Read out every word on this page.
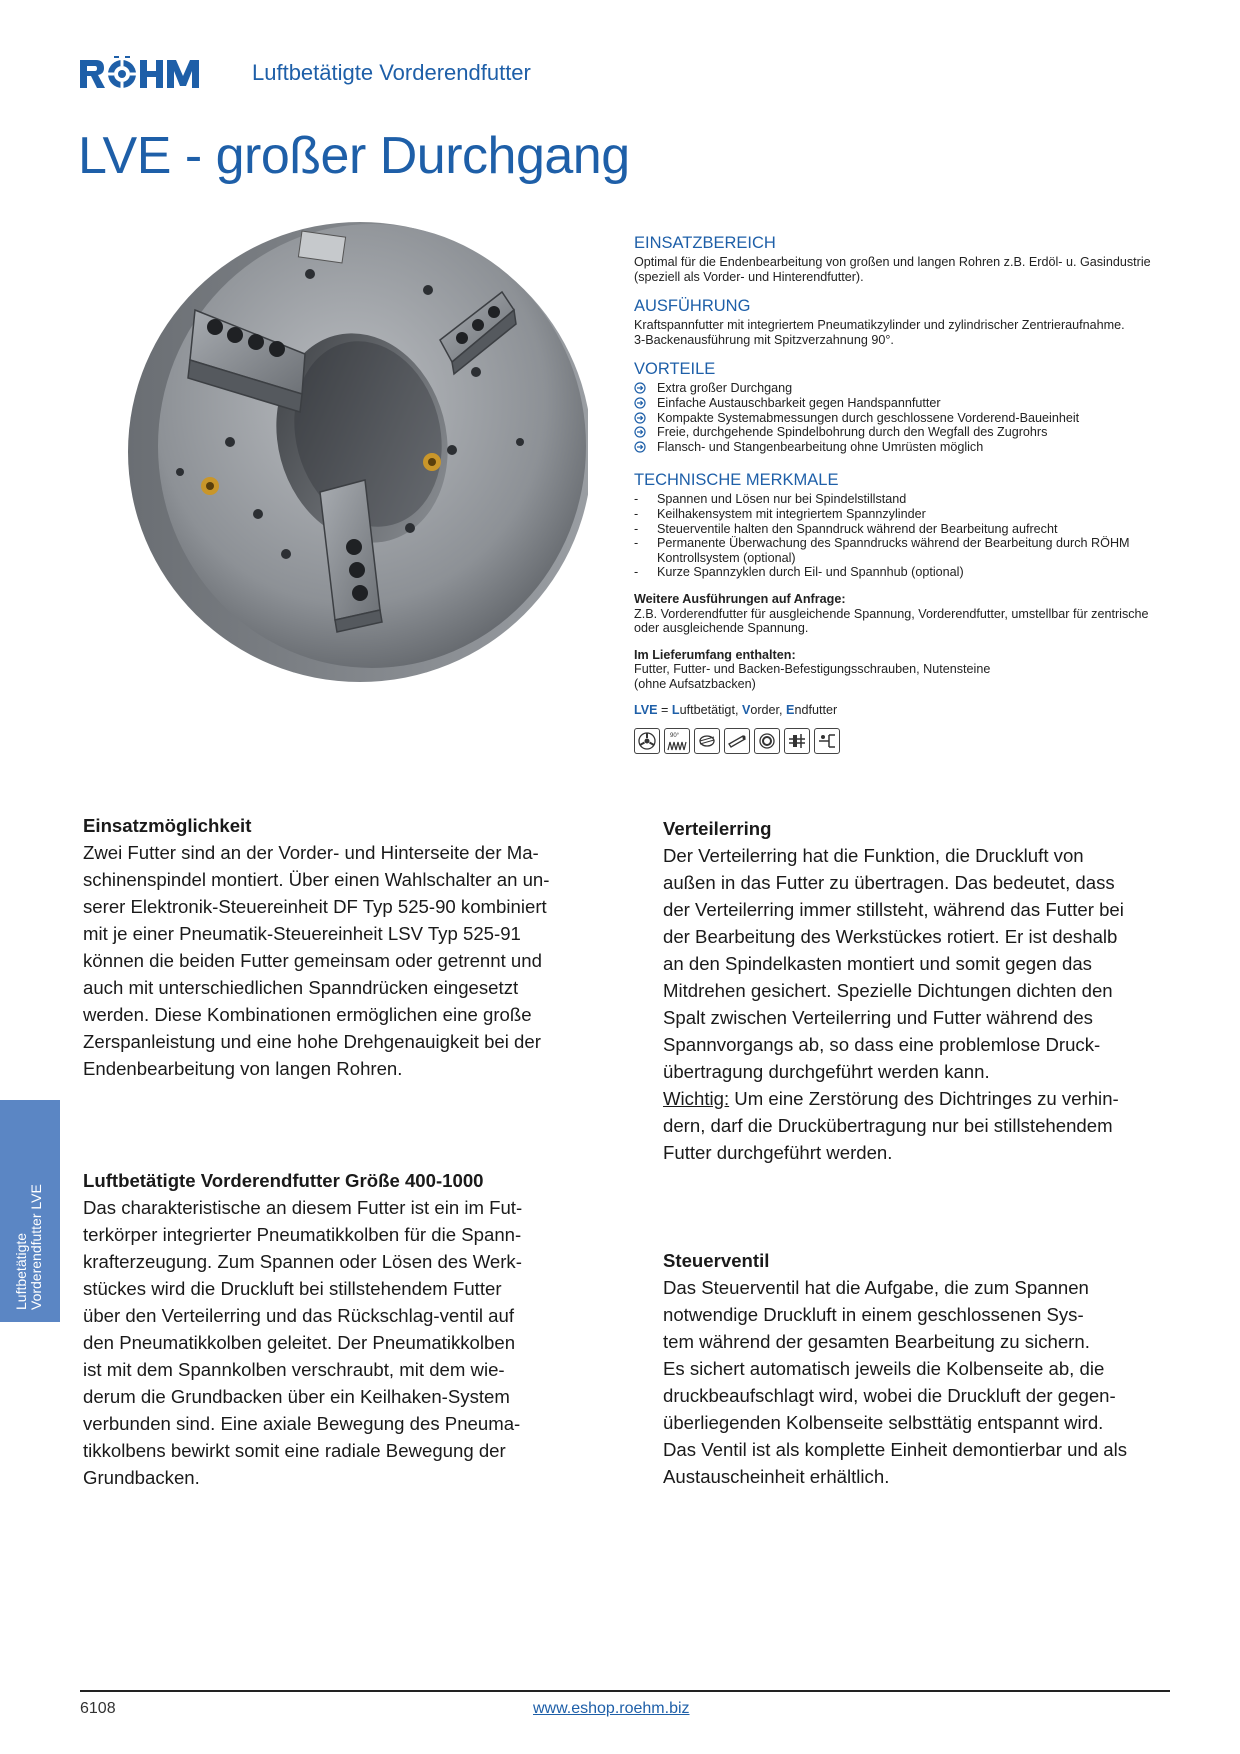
Luftbetätigte Vorderendfutter
LVE - großer Durchgang
EINSATZBEREICH

Optimal für die Endenbearbeitung von großen und langen Rohren z.B. Erdöl- u. Gasindustrie (speziell als Vorder- und Hinterendfutter).

AUSFÜHRUNG

Kraftspannfutter mit integriertem Pneumatikzylinder und zylindrischer Zentrieraufnahme.
3-Backenausführung mit Spitzverzahnung 90°.

VORTEILE
Extra großer Durchgang
Einfache Austauschbarkeit gegen Handspannfutter
Kompakte Systemabmessungen durch geschlossene Vorderend-Baueinheit
Freie, durchgehende Spindelbohrung durch den Wegfall des Zugrohrs
Flansch- und Stangenbearbeitung ohne Umrüsten möglich
TECHNISCHE MERKMALE
- Spannen und Lösen nur bei Spindelstillstand
- Keilhakensystem mit integriertem Spannzylinder
- Steuerventile halten den Spanndruck während der Bearbeitung aufrecht
- Permanente Überwachung des Spanndrucks während der Bearbeitung durch RÖHM Kontrollsystem (optional)
- Kurze Spannzyklen durch Eil- und Spannhub (optional)

Weitere Ausführungen auf Anfrage:

Z.B. Vorderendfutter für ausgleichende Spannung, Vorderendfutter, umstellbar für zentrische oder ausgleichende Spannung.

Im Lieferumfang enthalten:

Futter, Futter- und Backen-Befestigungsschrauben, Nutensteine
(ohne Aufsatzbacken)

LVE = Luftbetätigt, Vorder, Endfutter

90°
Einsatzmöglichkeit

Zwei Futter sind an der Vorder- und Hinterseite der Ma-
schinenspindel montiert. Über einen Wahlschalter an un-
serer Elektronik-Steuereinheit DF Typ 525-90 kombiniert
mit je einer Pneumatik-Steuereinheit LSV Typ 525-91
können die beiden Futter gemeinsam oder getrennt und
auch mit unterschiedlichen Spanndrücken eingesetzt
werden. Diese Kombinationen ermöglichen eine große
Zerspanleistung und eine hohe Drehgenauigkeit bei der
Endenbearbeitung von langen Rohren.

Luftbetätigte Vorderendfutter Größe 400-1000

Das charakteristische an diesem Futter ist ein im Fut-
terkörper integrierter Pneumatikkolben für die Spann-
krafterzeugung. Zum Spannen oder Lösen des Werk-
stückes wird die Druckluft bei stillstehendem Futter
über den Verteilerring und das Rückschlag-ventil auf
den Pneumatikkolben geleitet. Der Pneumatikkolben
ist mit dem Spannkolben verschraubt, mit dem wie-
derum die Grundbacken über ein Keilhaken-System
verbunden sind. Eine axiale Bewegung des Pneuma-
tikkolbens bewirkt somit eine radiale Bewegung der
Grundbacken.

Verteilerring

Der Verteilerring hat die Funktion, die Druckluft von
außen in das Futter zu übertragen. Das bedeutet, dass
der Verteilerring immer stillsteht, während das Futter bei
der Bearbeitung des Werkstückes rotiert. Er ist deshalb
an den Spindelkasten montiert und somit gegen das
Mitdrehen gesichert. Spezielle Dichtungen dichten den
Spalt zwischen Verteilerring und Futter während des
Spannvorgangs ab, so dass eine problemlose Druck-
übertragung durchgeführt werden kann.
Wichtig: Um eine Zerstörung des Dichtringes zu verhin-
dern, darf die Druckübertragung nur bei stillstehendem
Futter durchgeführt werden.

Steuerventil

Das Steuerventil hat die Aufgabe, die zum Spannen
notwendige Druckluft in einem geschlossenen Sys-
tem während der gesamten Bearbeitung zu sichern.
Es sichert automatisch jeweils die Kolbenseite ab, die
druckbeaufschlagt wird, wobei die Druckluft der gegen-
überliegenden Kolbenseite selbsttätig entspannt wird.
Das Ventil ist als komplette Einheit demontierbar und als
Austauscheinheit erhältlich.

Luftbetätigte
Vorderendfutter LVE
6108	www.eshop.roehm.biz
